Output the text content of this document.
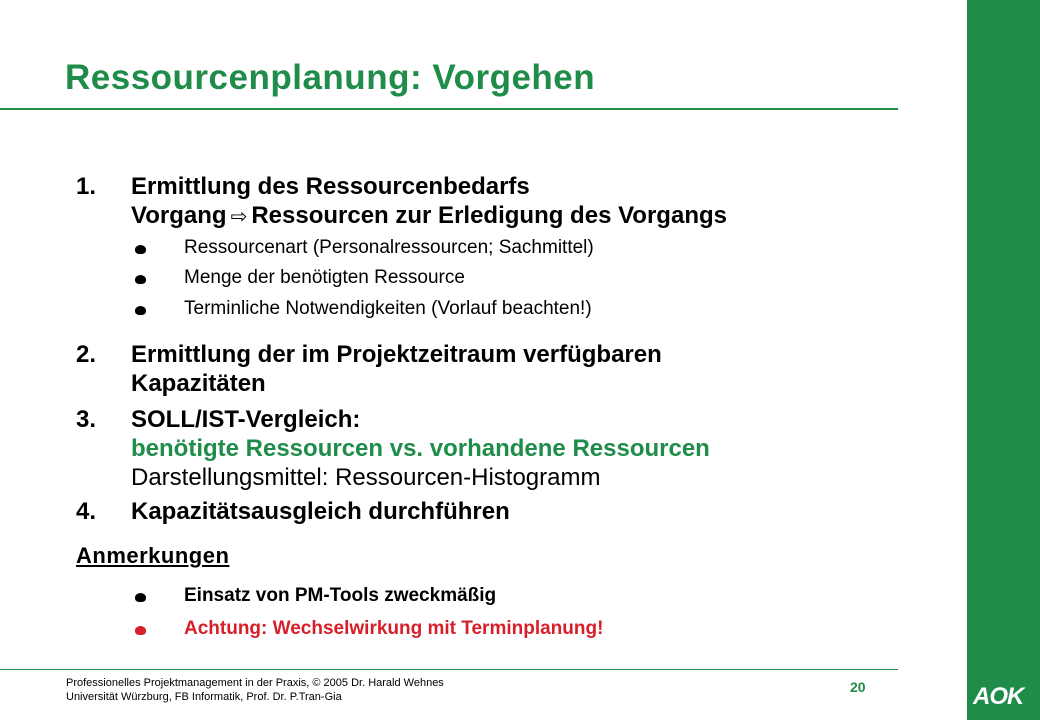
Ressourcenplanung: Vorgehen
AOK
1. Ermittlung des Ressourcenbedarfs
Vorgang ⇨ Ressourcen zur Erledigung des Vorgangs
Ressourcenart (Personalressourcen; Sachmittel)
Menge der benötigten Ressource
Terminliche Notwendigkeiten (Vorlauf beachten!)
2. Ermittlung der im Projektzeitraum verfügbaren
Kapazitäten
3. SOLL/IST-Vergleich:
benötigte Ressourcen vs. vorhandene Ressourcen
Darstellungsmittel: Ressourcen-Histogramm
4. Kapazitätsausgleich durchführen
Anmerkungen
Einsatz von PM-Tools zweckmäßig
Achtung: Wechselwirkung mit Terminplanung!
Professionelles Projektmanagement in der Praxis, © 2005 Dr. Harald Wehnes
Universität Würzburg, FB Informatik, Prof. Dr. P.Tran-Gia
20
